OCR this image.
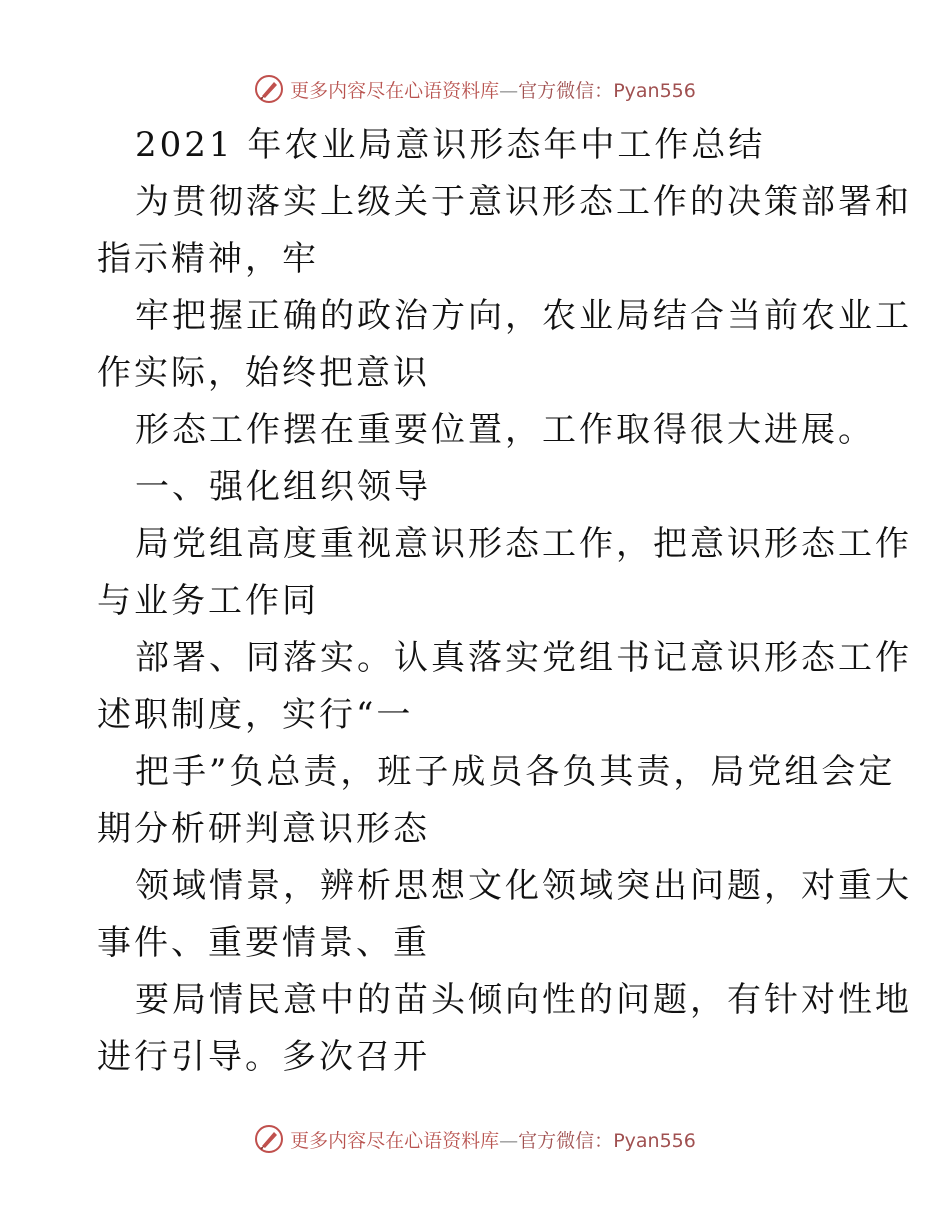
更多内容尽在心语资料库—官方微信：Pyan556
2021 年农业局意识形态年中工作总结
为贯彻落实上级关于意识形态工作的决策部署和
指示精神，牢
牢把握正确的政治方向，农业局结合当前农业工
作实际，始终把意识
形态工作摆在重要位置，工作取得很大进展。
一、强化组织领导
局党组高度重视意识形态工作，把意识形态工作
与业务工作同
部署、同落实。认真落实党组书记意识形态工作
述职制度，实行“一
把手”负总责，班子成员各负其责，局党组会定
期分析研判意识形态
领域情景，辨析思想文化领域突出问题，对重大
事件、重要情景、重
要局情民意中的苗头倾向性的问题，有针对性地
进行引导。多次召开
更多内容尽在心语资料库—官方微信：Pyan556
